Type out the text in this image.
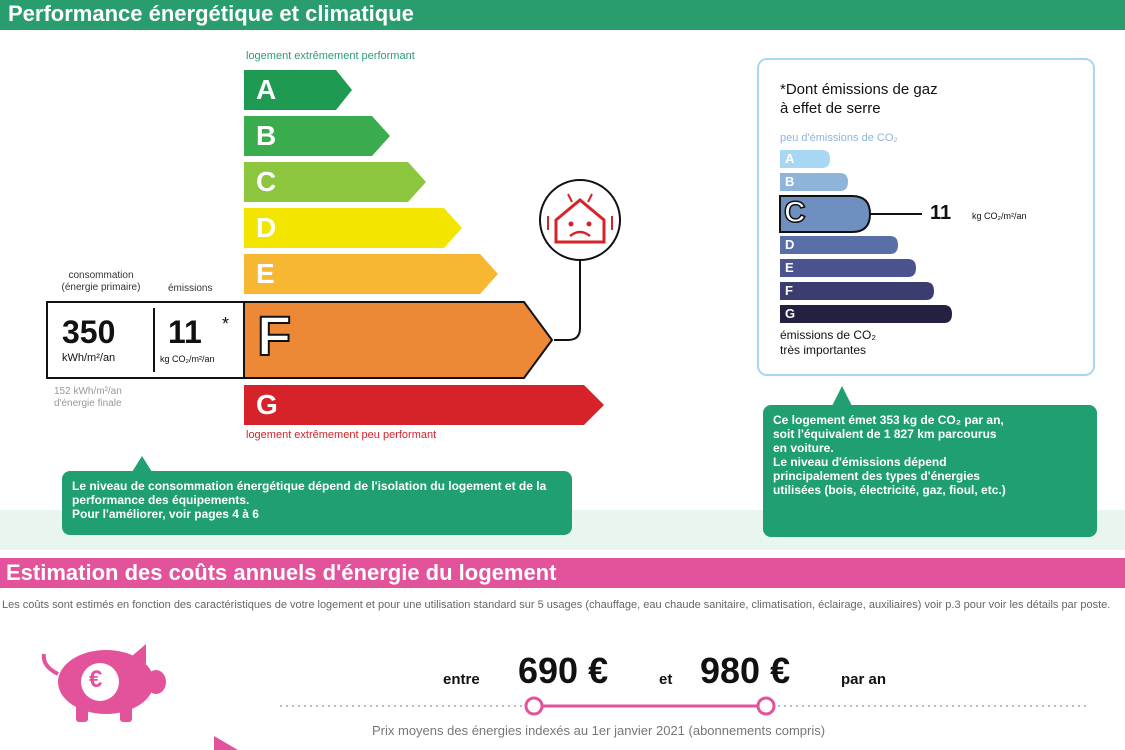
Performance énergétique et climatique
logement extrêmement performant
A
B
C
D
E
G
F
consommation
(énergie primaire)	émissions
350
kWh/m²/an
11 *
kg CO₂/m²/an
152 kWh/m²/an
d'énergie finale
logement extrêmement peu performant
Le niveau de consommation énergétique dépend de l'isolation du logement et de la performance des équipements.
Pour l'améliorer, voir pages 4 à 6
*Dont émissions de gaz
à effet de serre
peu d'émissions de CO₂
A
B
C
D
E
F
G
11 kg CO₂/m²/an
émissions de CO₂
très importantes
Ce logement émet 353 kg de CO₂ par an,
soit l'équivalent de 1 827 km parcourus
en voiture.
Le niveau d'émissions dépend
principalement des types d'énergies
utilisées (bois, électricité, gaz, fioul, etc.)
Estimation des coûts annuels d'énergie du logement
Les coûts sont estimés en fonction des caractéristiques de votre logement et pour une utilisation standard sur 5 usages (chauffage, eau chaude sanitaire, climatisation, éclairage, auxiliaires) voir p.3 pour voir les détails par poste.
€	entre 690 €	et 980 €	par an
Prix moyens des énergies indexés au 1er janvier 2021 (abonnements compris)
